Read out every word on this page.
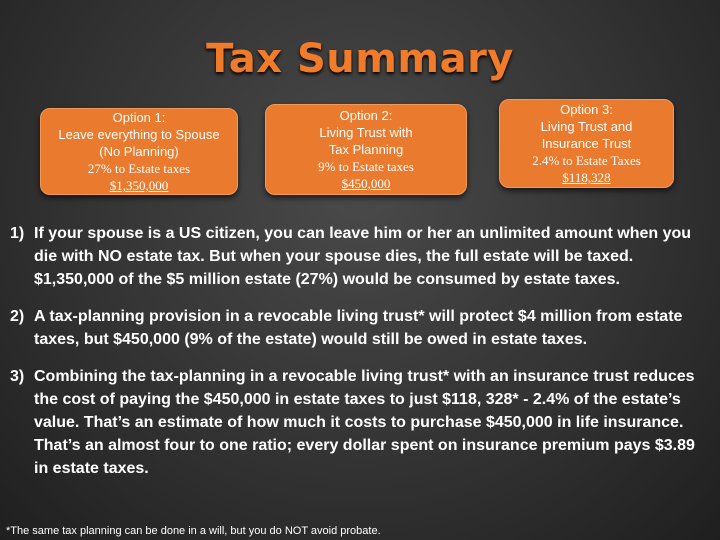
Tax Summary
Option 1:
Leave everything to Spouse
(No Planning)
27% to Estate taxes
$1,350,000
Option 2:
Living Trust with
Tax Planning
9% to Estate taxes
$450,000
Option 3:
Living Trust and
Insurance Trust
2.4% to Estate Taxes
$118,328
1) If your spouse is a US citizen, you can leave him or her an unlimited amount when you die with NO estate tax. But when your spouse dies, the full estate will be taxed. $1,350,000 of the $5 million estate (27%) would be consumed by estate taxes.
2) A tax-planning provision in a revocable living trust* will protect $4 million from estate taxes, but $450,000 (9% of the estate) would still be owed in estate taxes.
3) Combining the tax-planning in a revocable living trust* with an insurance trust reduces the cost of paying the $450,000 in estate taxes to just $118, 328* - 2.4% of the estate’s value. That’s an estimate of how much it costs to purchase $450,000 in life insurance. That’s an almost four to one ratio; every dollar spent on insurance premium pays $3.89 in estate taxes.
*The same tax planning can be done in a will, but you do NOT avoid probate.
